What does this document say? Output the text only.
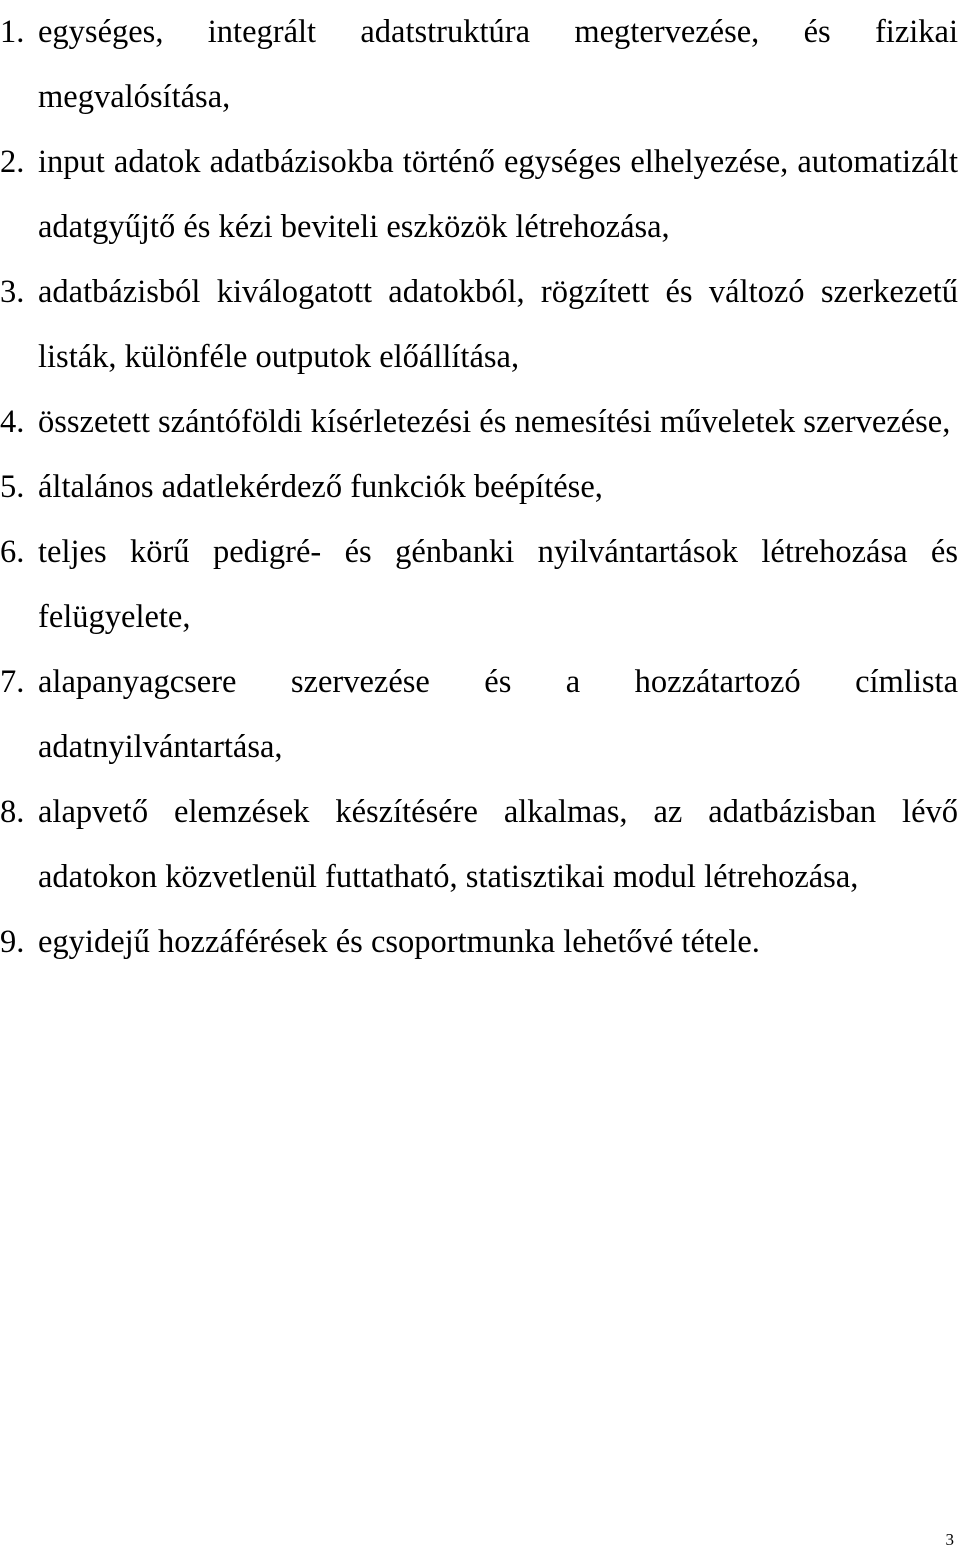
1. egységes, integrált adatstruktúra megtervezése, és fizikai megvalósítása,
2. input adatok adatbázisokba történő egységes elhelyezése, automatizált adatgyűjtő és kézi beviteli eszközök létrehozása,
3. adatbázisból kiválogatott adatokból, rögzített és változó szerkezetű listák, különféle outputok előállítása,
4. összetett szántóföldi kísérletezési és nemesítési műveletek szervezése,
5. általános adatlekérdező funkciók beépítése,
6. teljes körű pedigré- és génbanki nyilvántartások létrehozása és felügyelete,
7. alapanyagcsere szervezése és a hozzátartozó címlista adatnyilvántartása,
8. alapvető elemzések készítésére alkalmas, az adatbázisban lévő adatokon közvetlenül futtatható, statisztikai modul létrehozása,
9. egyidejű hozzáférések és csoportmunka lehetővé tétele.
3
